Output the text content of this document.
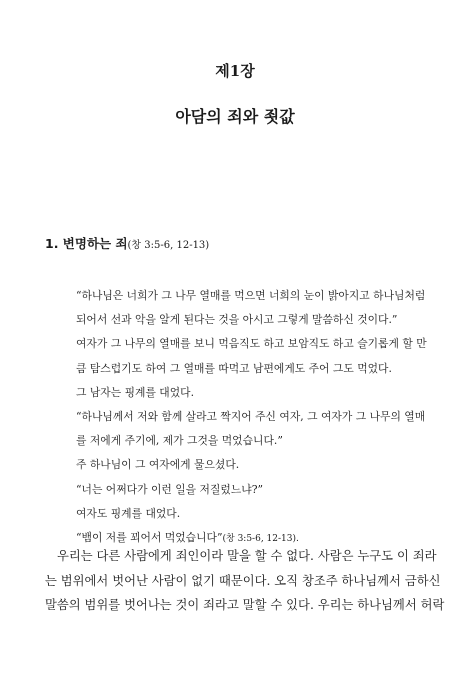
제1장
아담의 죄와 죗값
1. 변명하는 죄(창 3:5-6, 12-13)
“하나님은 너희가 그 나무 열매를 먹으면 너희의 눈이 밝아지고 하나님처럼
되어서 선과 악을 알게 된다는 것을 아시고 그렇게 말씀하신 것이다.”
여자가 그 나무의 열매를 보니 먹음직도 하고 보암직도 하고 슬기롭게 할 만
큼 탐스럽기도 하여 그 열매를 따먹고 남편에게도 주어 그도 먹었다.
그 남자는 핑계를 대었다.
“하나님께서 저와 함께 살라고 짝지어 주신 여자, 그 여자가 그 나무의 열매
를 저에게 주기에, 제가 그것을 먹었습니다.”
주 하나님이 그 여자에게 물으셨다.
“너는 어쩌다가 이런 일을 저질렀느냐?”
여자도 핑계를 대었다.
“뱀이 저를 꾀어서 먹었습니다”(창 3:5-6, 12-13).
우리는 다른 사람에게 죄인이라 말을 할 수 없다. 사람은 누구도 이 죄라
는 범위에서 벗어난 사람이 없기 때문이다. 오직 창조주 하나님께서 금하신
말씀의 범위를 벗어나는 것이 죄라고 말할 수 있다. 우리는 하나님께서 허락
